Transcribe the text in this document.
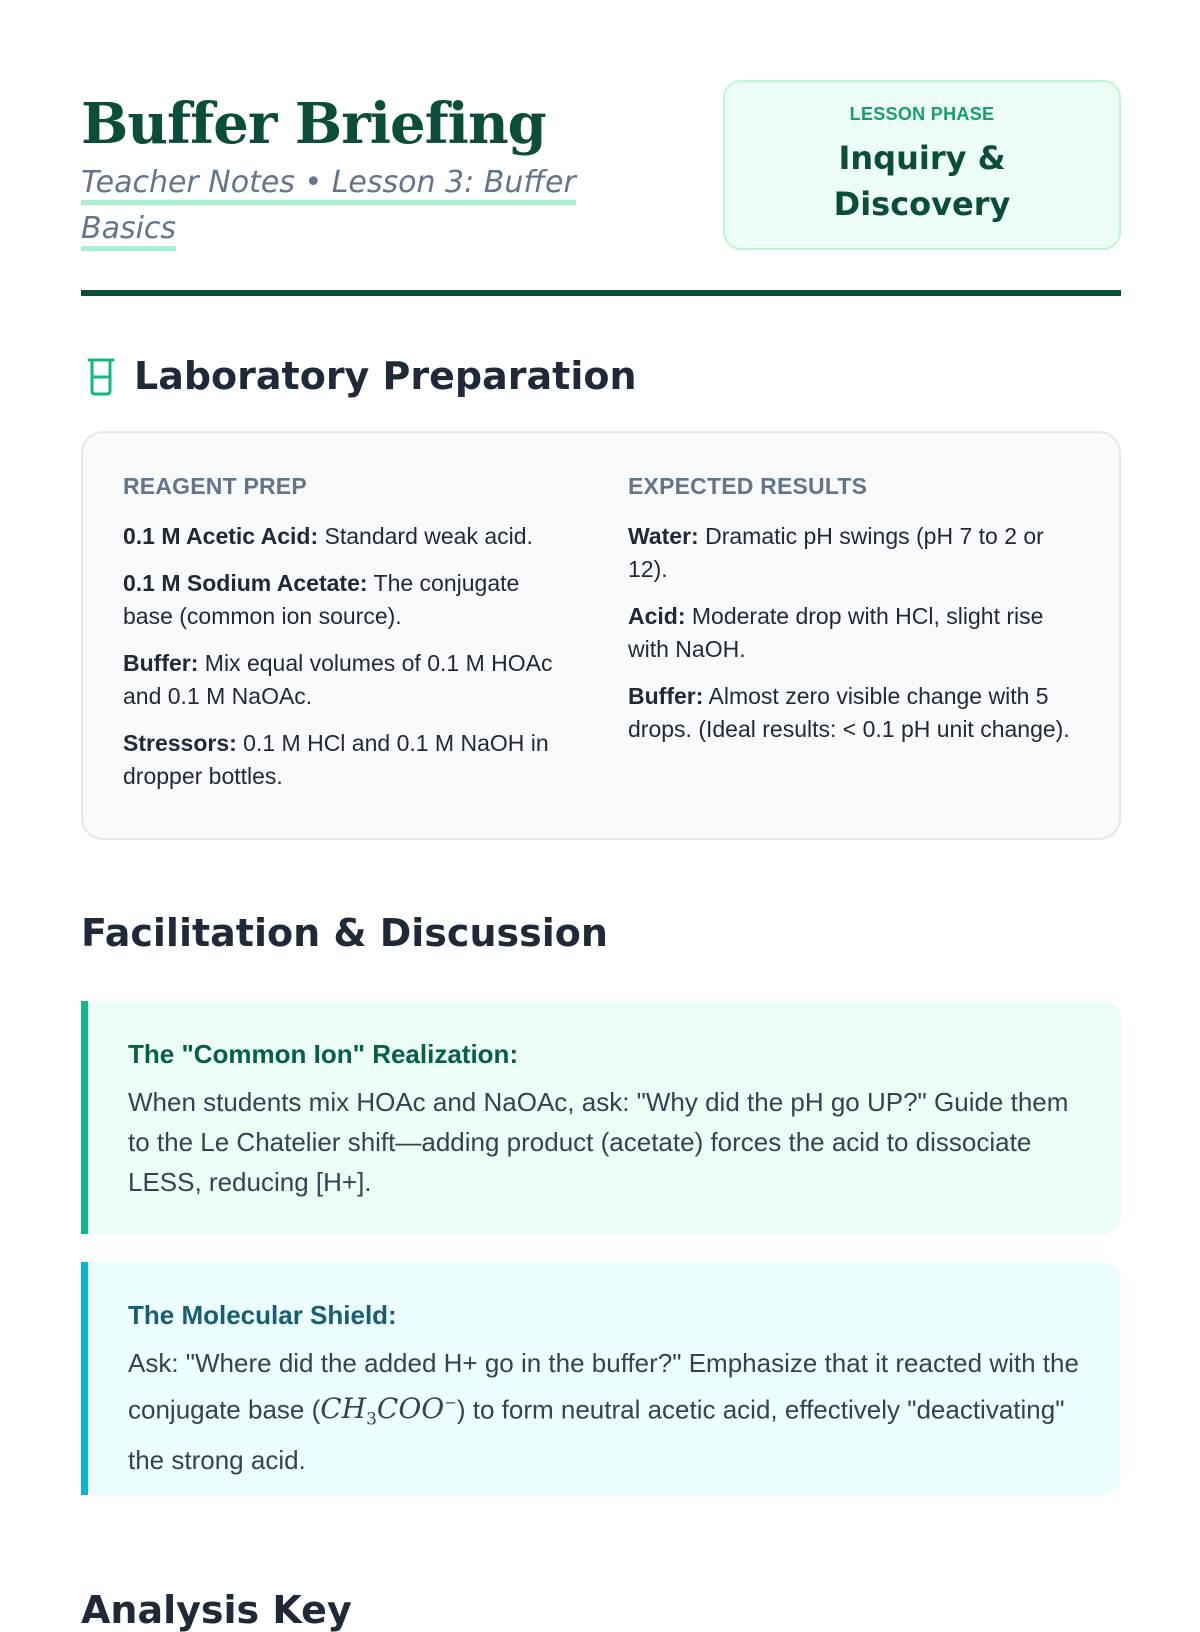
Buffer Briefing
Teacher Notes • Lesson 3: Buffer
Basics
LESSON PHASE
Inquiry &
Discovery
Laboratory Preparation
REAGENT PREP
0.1 M Acetic Acid: Standard weak acid.
0.1 M Sodium Acetate: The conjugate base (common ion source).
Buffer: Mix equal volumes of 0.1 M HOAc and 0.1 M NaOAc.
Stressors: 0.1 M HCl and 0.1 M NaOH in dropper bottles.
EXPECTED RESULTS
Water: Dramatic pH swings (pH 7 to 2 or 12).
Acid: Moderate drop with HCl, slight rise with NaOH.
Buffer: Almost zero visible change with 5 drops. (Ideal results: < 0.1 pH unit change).
Facilitation & Discussion
The "Common Ion" Realization:
When students mix HOAc and NaOAc, ask: "Why did the pH go UP?" Guide them to the Le Chatelier shift—adding product (acetate) forces the acid to dissociate LESS, reducing [H+].
The Molecular Shield:
Ask: "Where did the added H+ go in the buffer?" Emphasize that it reacted with the conjugate base $(CH_3COO^-)$ to form neutral acetic acid, effectively "deactivating" the strong acid.
Analysis Key
